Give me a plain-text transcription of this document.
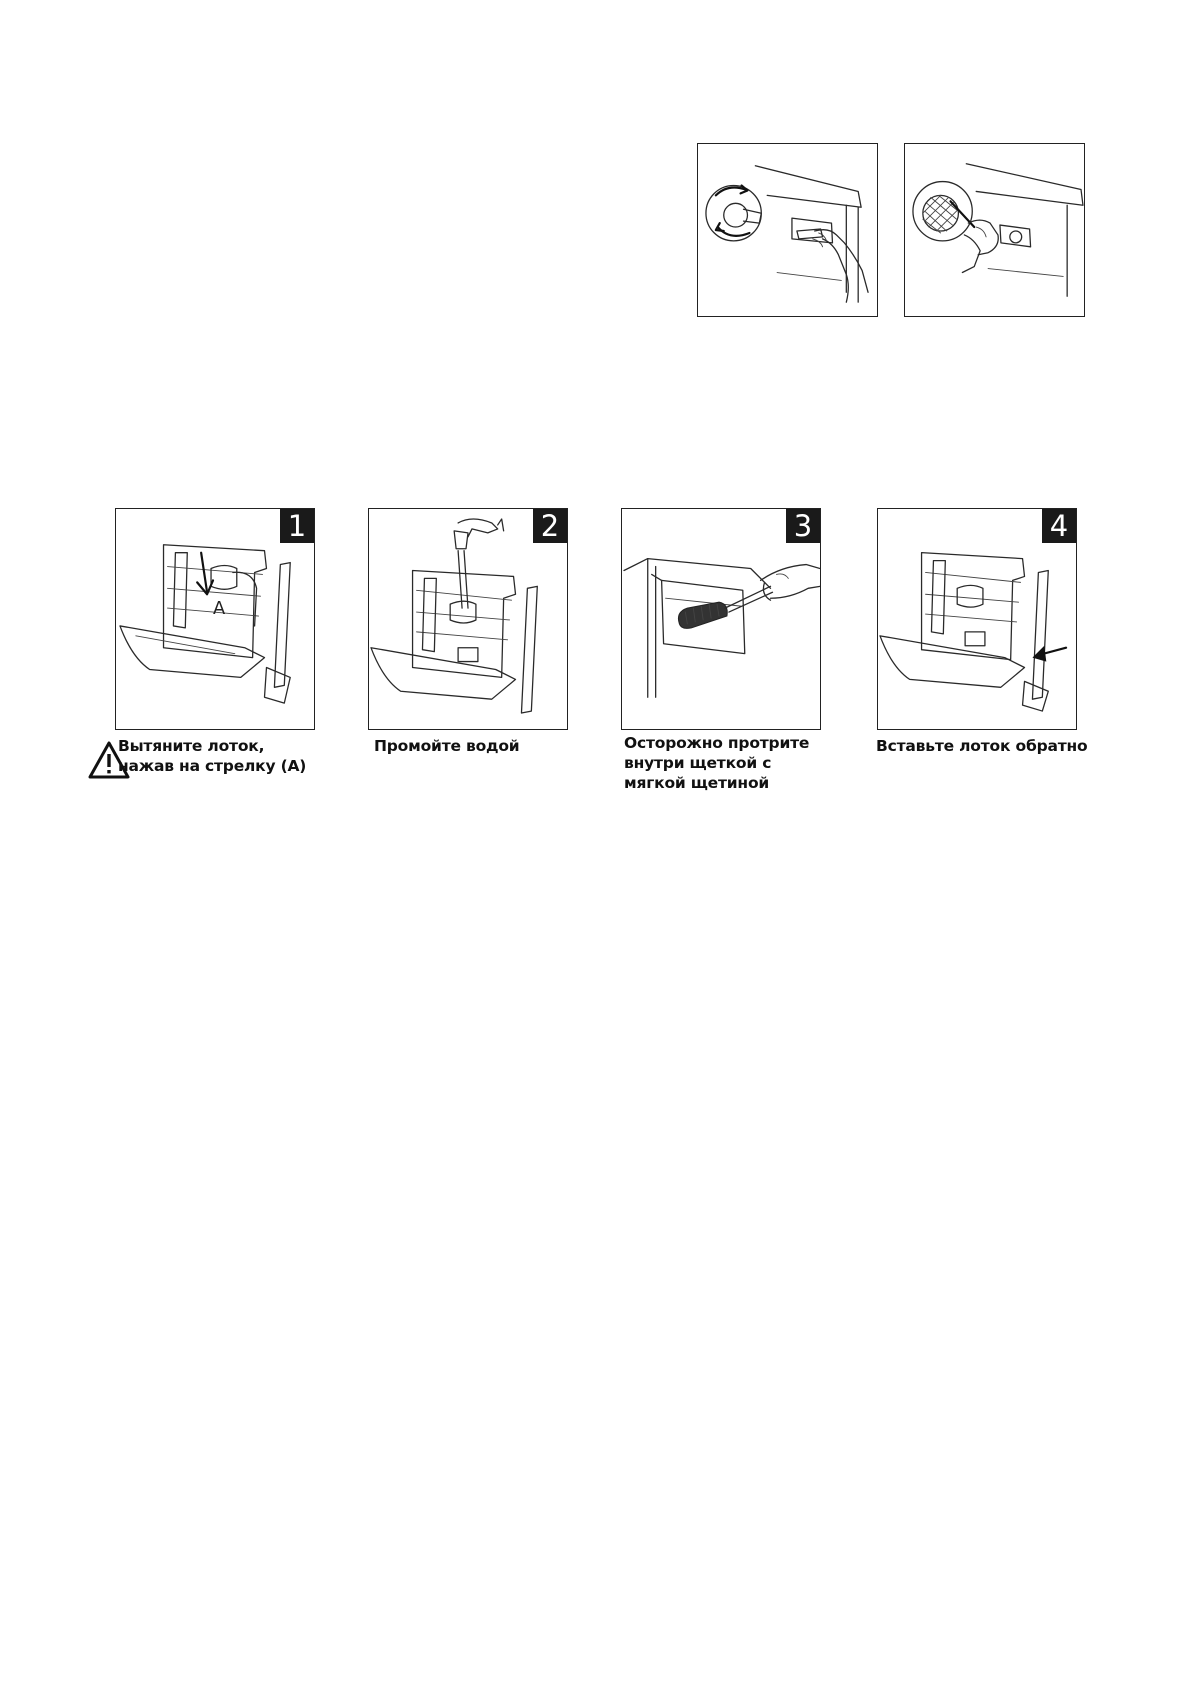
A
1
Вытяните лоток,
нажав на стрелку (А)
2
Промойте водой
3
Осторожно протрите
внутри щеткой с
мягкой щетиной
4
Вставьте лоток обратно
